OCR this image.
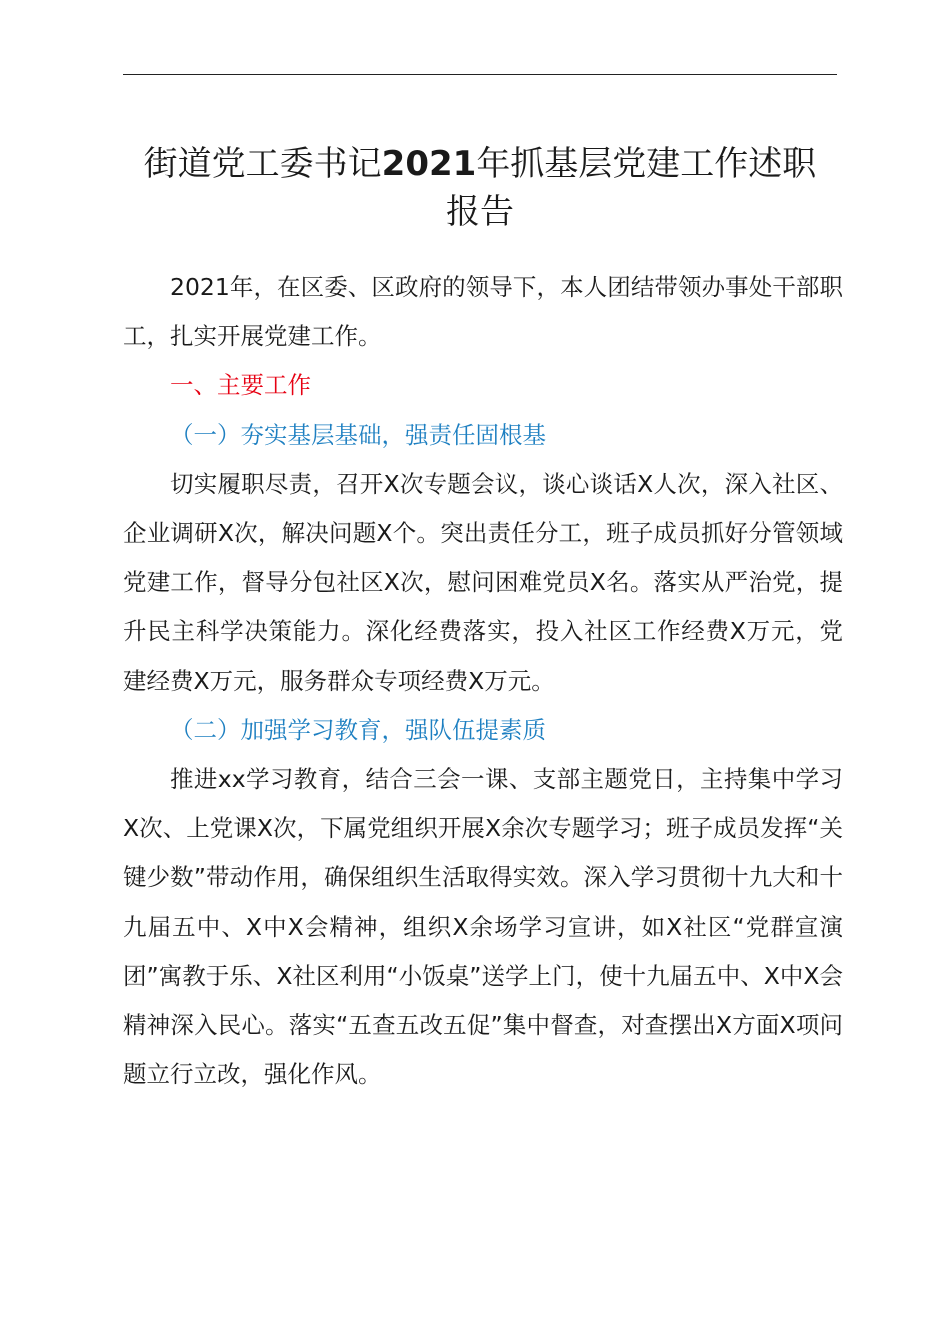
街道党工委书记2021年抓基层党建工作述职
报告

2021年，在区委、区政府的领导下，本人团结带领办事处干部职工，扎实开展党建工作。

一、主要工作

（一）夯实基层基础，强责任固根基

切实履职尽责，召开X次专题会议，谈心谈话X人次，深入社区、企业调研X次，解决问题X个。突出责任分工，班子成员抓好分管领域党建工作，督导分包社区X次，慰问困难党员X名。落实从严治党，提升民主科学决策能力。深化经费落实，投入社区工作经费X万元，党建经费X万元，服务群众专项经费X万元。

（二）加强学习教育，强队伍提素质

推进xx学习教育，结合三会一课、支部主题党日，主持集中学习X次、上党课X次，下属党组织开展X余次专题学习；班子成员发挥“关键少数”带动作用，确保组织生活取得实效。深入学习贯彻十九大和十九届五中、X中X会精神，组织X余场学习宣讲，如X社区“党群宣演团”寓教于乐、X社区利用“小饭桌”送学上门，使十九届五中、X中X会精神深入民心。落实“五查五改五促”集中督查，对查摆出X方面X项问题立行立改，强化作风。
